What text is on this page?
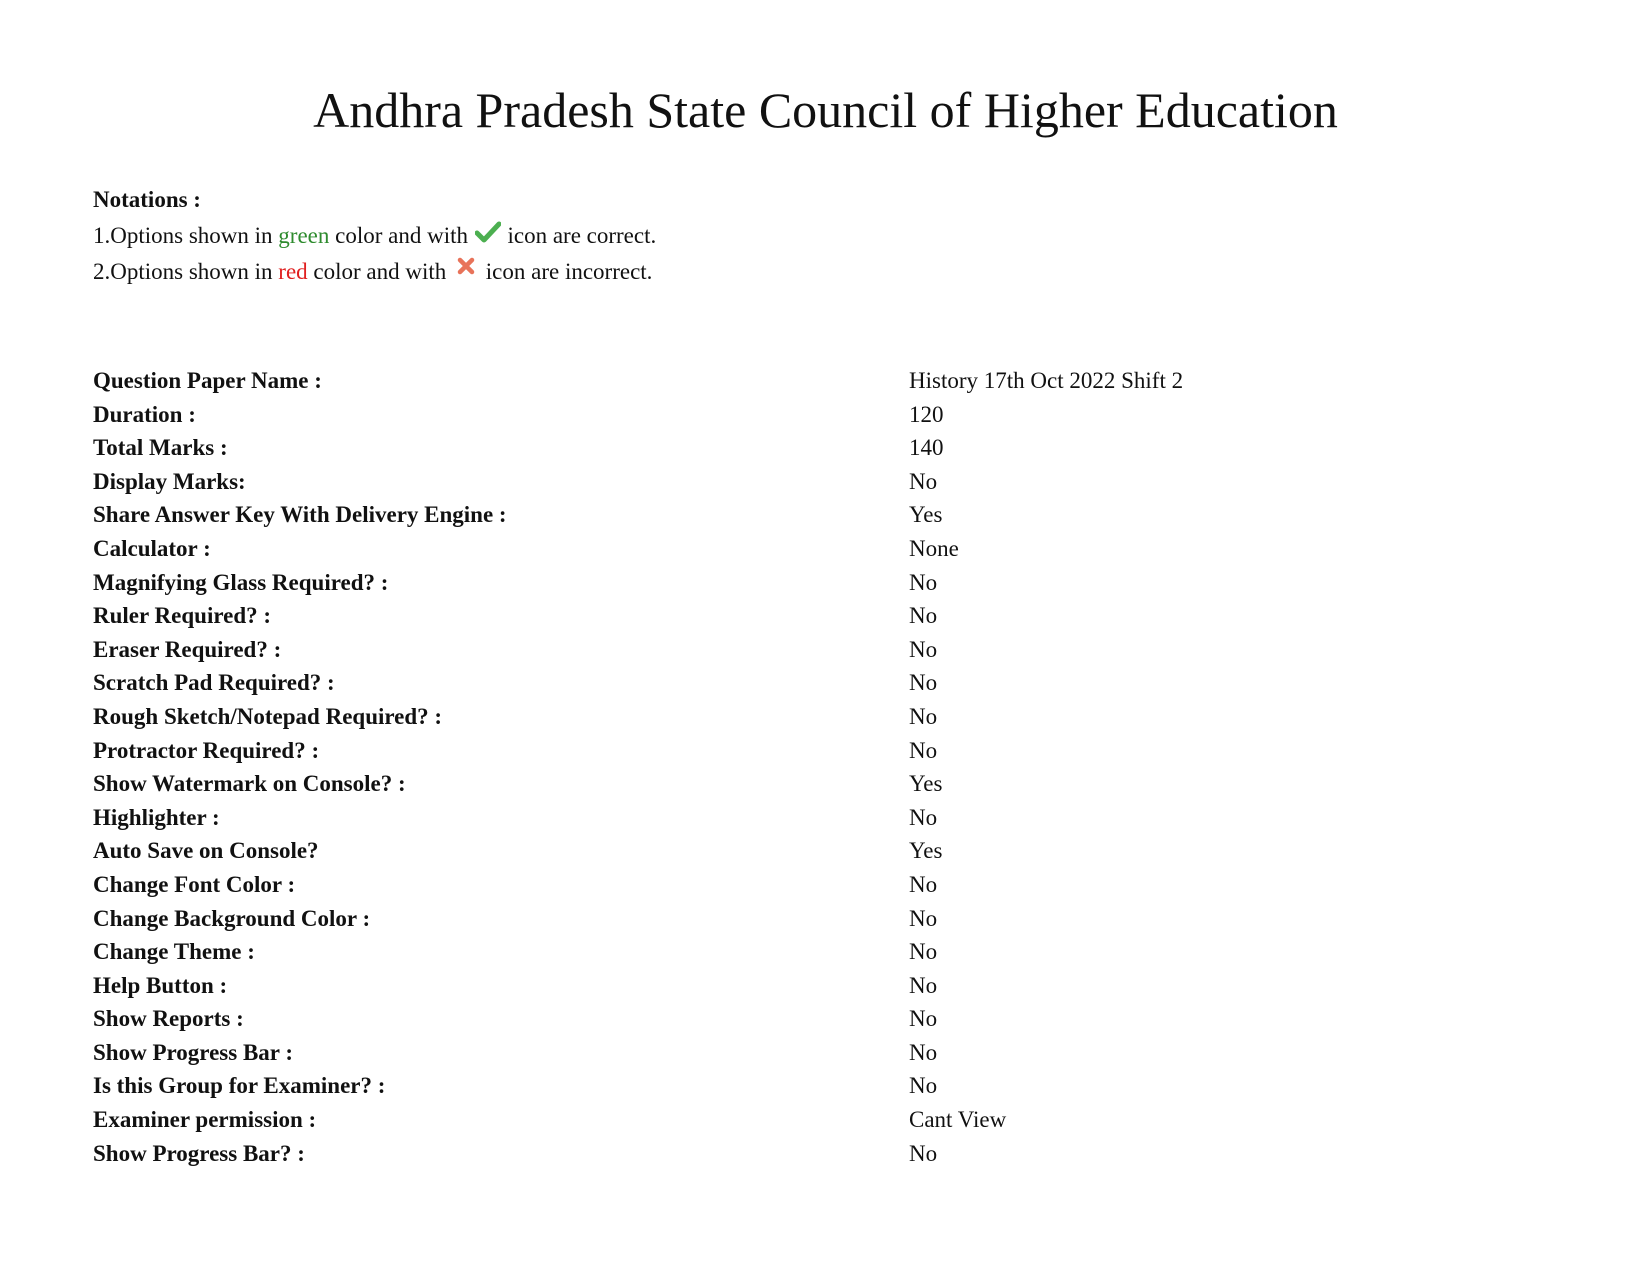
Andhra Pradesh State Council of Higher Education
Notations :
1.Options shown in green color and with icon are correct.
2.Options shown in red color and with icon are incorrect.
Question Paper Name :	History 17th Oct 2022 Shift 2
Duration :	120
Total Marks :	140
Display Marks:	No
Share Answer Key With Delivery Engine :	Yes
Calculator :	None
Magnifying Glass Required? :	No
Ruler Required? :	No
Eraser Required? :	No
Scratch Pad Required? :	No
Rough Sketch/Notepad Required? :	No
Protractor Required? :	No
Show Watermark on Console? :	Yes
Highlighter :	No
Auto Save on Console?	Yes
Change Font Color :	No
Change Background Color :	No
Change Theme :	No
Help Button :	No
Show Reports :	No
Show Progress Bar :	No
Is this Group for Examiner? :	No
Examiner permission :	Cant View
Show Progress Bar? :	No
